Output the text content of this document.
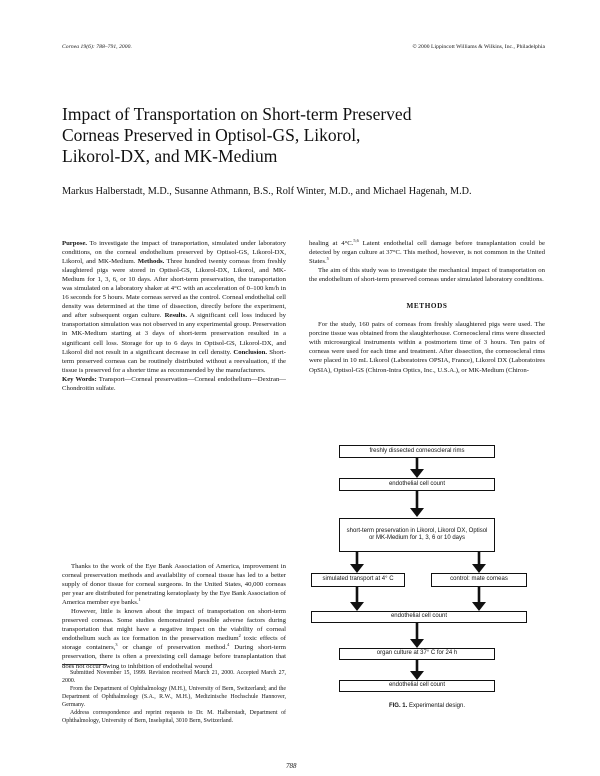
Cornea 19(6): 788–791, 2000.	© 2000 Lippincott Williams & Wilkins, Inc., Philadelphia
Impact of Transportation on Short-term Preserved
Corneas Preserved in Optisol-GS, Likorol,
Likorol-DX, and MK-Medium
Markus Halberstadt, M.D., Susanne Athmann, B.S., Rolf Winter, M.D., and Michael Hagenah, M.D.

Purpose. To investigate the impact of transportation, simulated under laboratory conditions, on the corneal endothelium preserved by Optisol-GS, Likorol-DX, Likorol, and MK-Medium. Methods. Three hundred twenty corneas from freshly slaughtered pigs were stored in Optisol-GS, Likorol-DX, Likorol, and MK-Medium for 1, 3, 6, or 10 days. After short-term preservation, the transportation was simulated on a laboratory shaker at 4°C with an acceleration of 0–100 km/h in 16 seconds for 5 hours. Mate corneas served as the control. Corneal endothelial cell density was determined at the time of dissection, directly before the experiment, and after subsequent organ culture. Results. A significant cell loss induced by transportation simulation was not observed in any experimental group. Preservation in MK-Medium starting at 3 days of short-term preservation resulted in a significant cell loss. Storage for up to 6 days in Optisol-GS, Likorol-DX, and Likorol did not result in a significant decrease in cell density. Conclusion. Short-term preserved corneas can be routinely distributed without a reevaluation, if the tissue is preserved for a shorter time as recommended by the manufacturers.

Key Words: Transport—Corneal preservation—Corneal endothelium—Dextran—Chondroitin sulfate.

Thanks to the work of the Eye Bank Association of America, improvement in corneal preservation methods and availability of corneal tissue has led to a better supply of donor tissue for corneal surgeons. In the United States, 40,000 corneas per year are distributed for penetrating keratoplasty by the Eye Bank Association of America member eye banks.$^1$

However, little is known about the impact of transportation on short-term preserved corneas. Some studies demonstrated possible adverse factors during transportation that might have a negative impact on the viability of corneal endothelium such as ice formation in the preservation medium$^2$ toxic effects of storage containers,$^3$ or change of preservation method.$^4$ During short-term preservation, there is often a preexisting cell damage before transplantation that does not occur owing to inhibition of endothelial wound

Submitted November 15, 1999. Revision received March 21, 2000. Accepted March 27, 2000.

From the Department of Ophthalmology (M.H.), University of Bern, Switzerland; and the Department of Ophthalmology (S.A., R.W., M.H.), Medizinische Hochschule Hannover, Germany.

Address correspondence and reprint requests to Dr. M. Halberstadt, Department of Ophthalmology, University of Bern, Inselspital, 3010 Bern, Switzerland.

healing at 4°C.$^{5,6}$ Latent endothelial cell damage before transplantation could be detected by organ culture at 37°C. This method, however, is not common in the United States.$^5$

The aim of this study was to investigate the mechanical impact of transportation on the endothelium of short-term preserved corneas under simulated laboratory conditions.

METHODS

For the study, 160 pairs of corneas from freshly slaughtered pigs were used. The porcine tissue was obtained from the slaughterhouse. Corneoscleral rims were dissected with microsurgical instruments within a postmortem time of 3 hours. Ten pairs of corneas were used for each time and treatment. After dissection, the corneoscleral rims were placed in 10 mL Likorol (Laboratoires OPSIA, France), Likorol DX (Laboratoires OpSIA), Optisol-GS (Chiron-Intra Optics, Inc., U.S.A.), or MK-Medium (Chiron-

freshly dissected corneoscleral rims
endothelial cell count
short-term preservation in Likorol, Likorol DX, Optisol or MK-Medium for 1, 3, 6 or 10 days
simulated transport at 4° C	control: mate corneas
endothelial cell count
organ culture at 37° C for 24 h
endothelial cell count
FIG. 1. Experimental design.
788
